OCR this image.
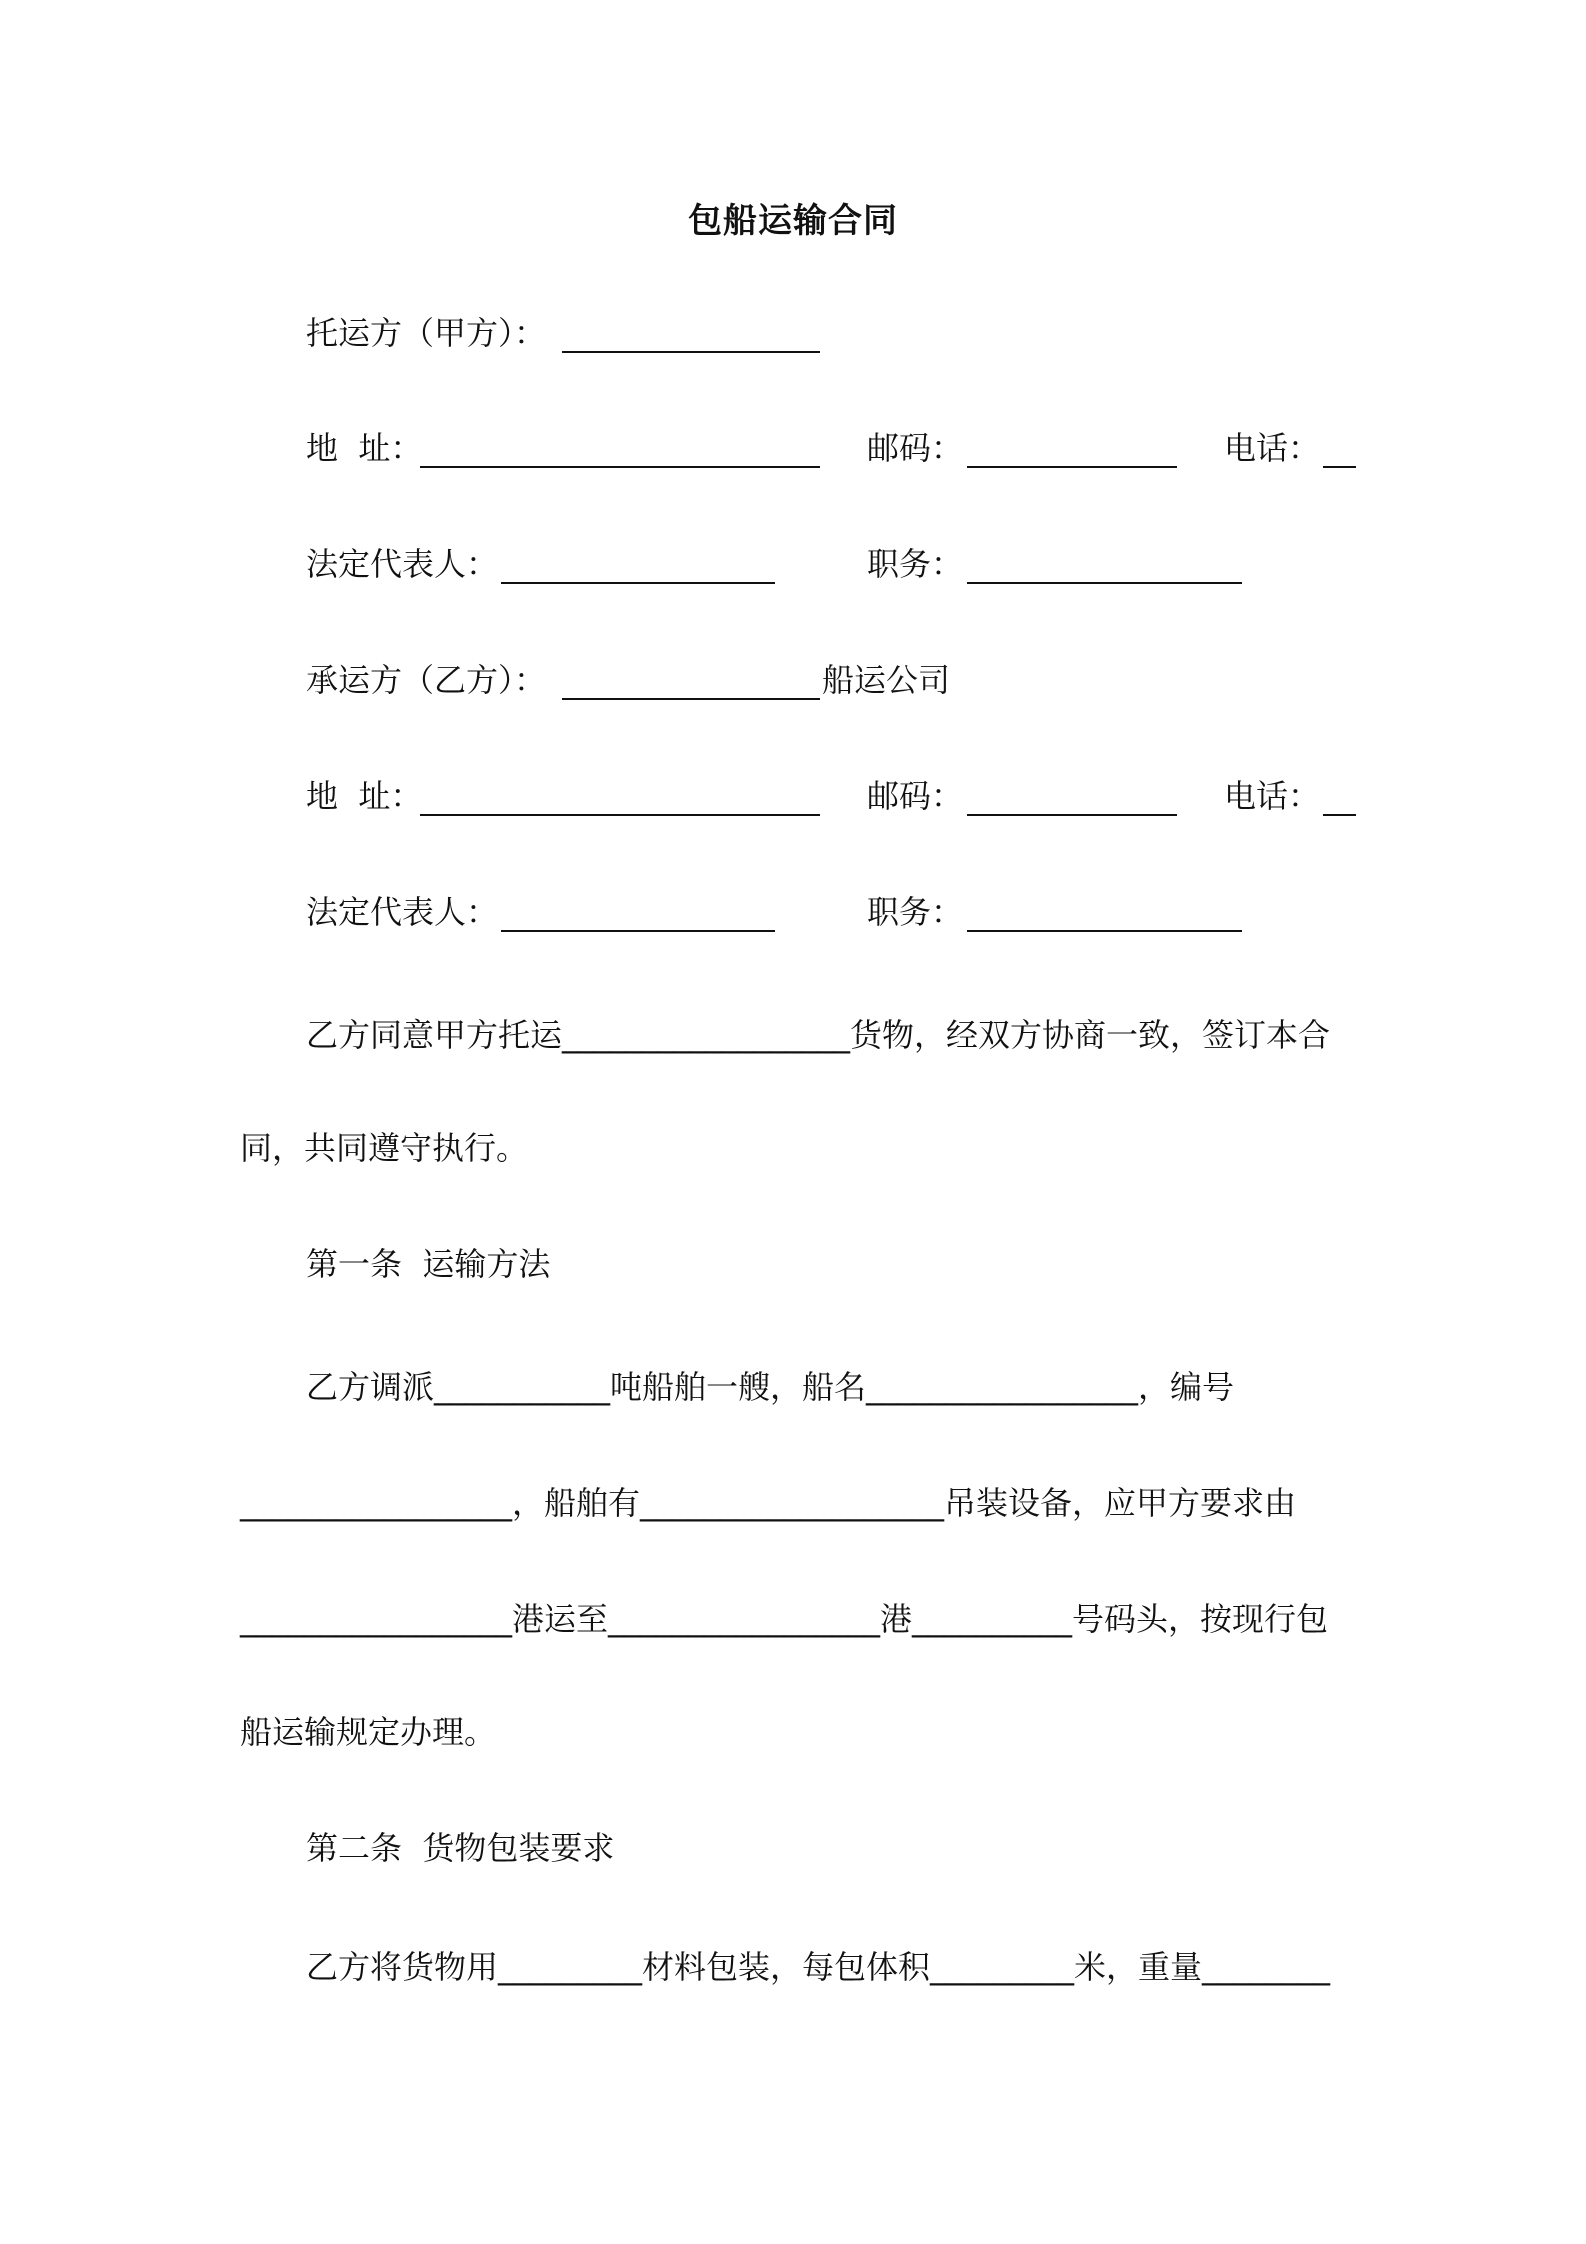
包船运输合同
托运方（甲方）：
地  址：	邮码：	电话：
法定代表人：	职务：
承运方（乙方）：	船运公司
地  址：	邮码：	电话：
法定代表人：	职务：
乙方同意甲方托运__________________货物，经双方协商一致，签订本合
同，共同遵守执行。
第一条  运输方法
乙方调派___________吨船舶一艘，船名_________________，编号
_________________，船舶有___________________吊装设备，应甲方要求由
_________________港运至_________________港__________号码头，按现行包
船运输规定办理。
第二条  货物包装要求
乙方将货物用_________材料包装，每包体积_________米，重量________
